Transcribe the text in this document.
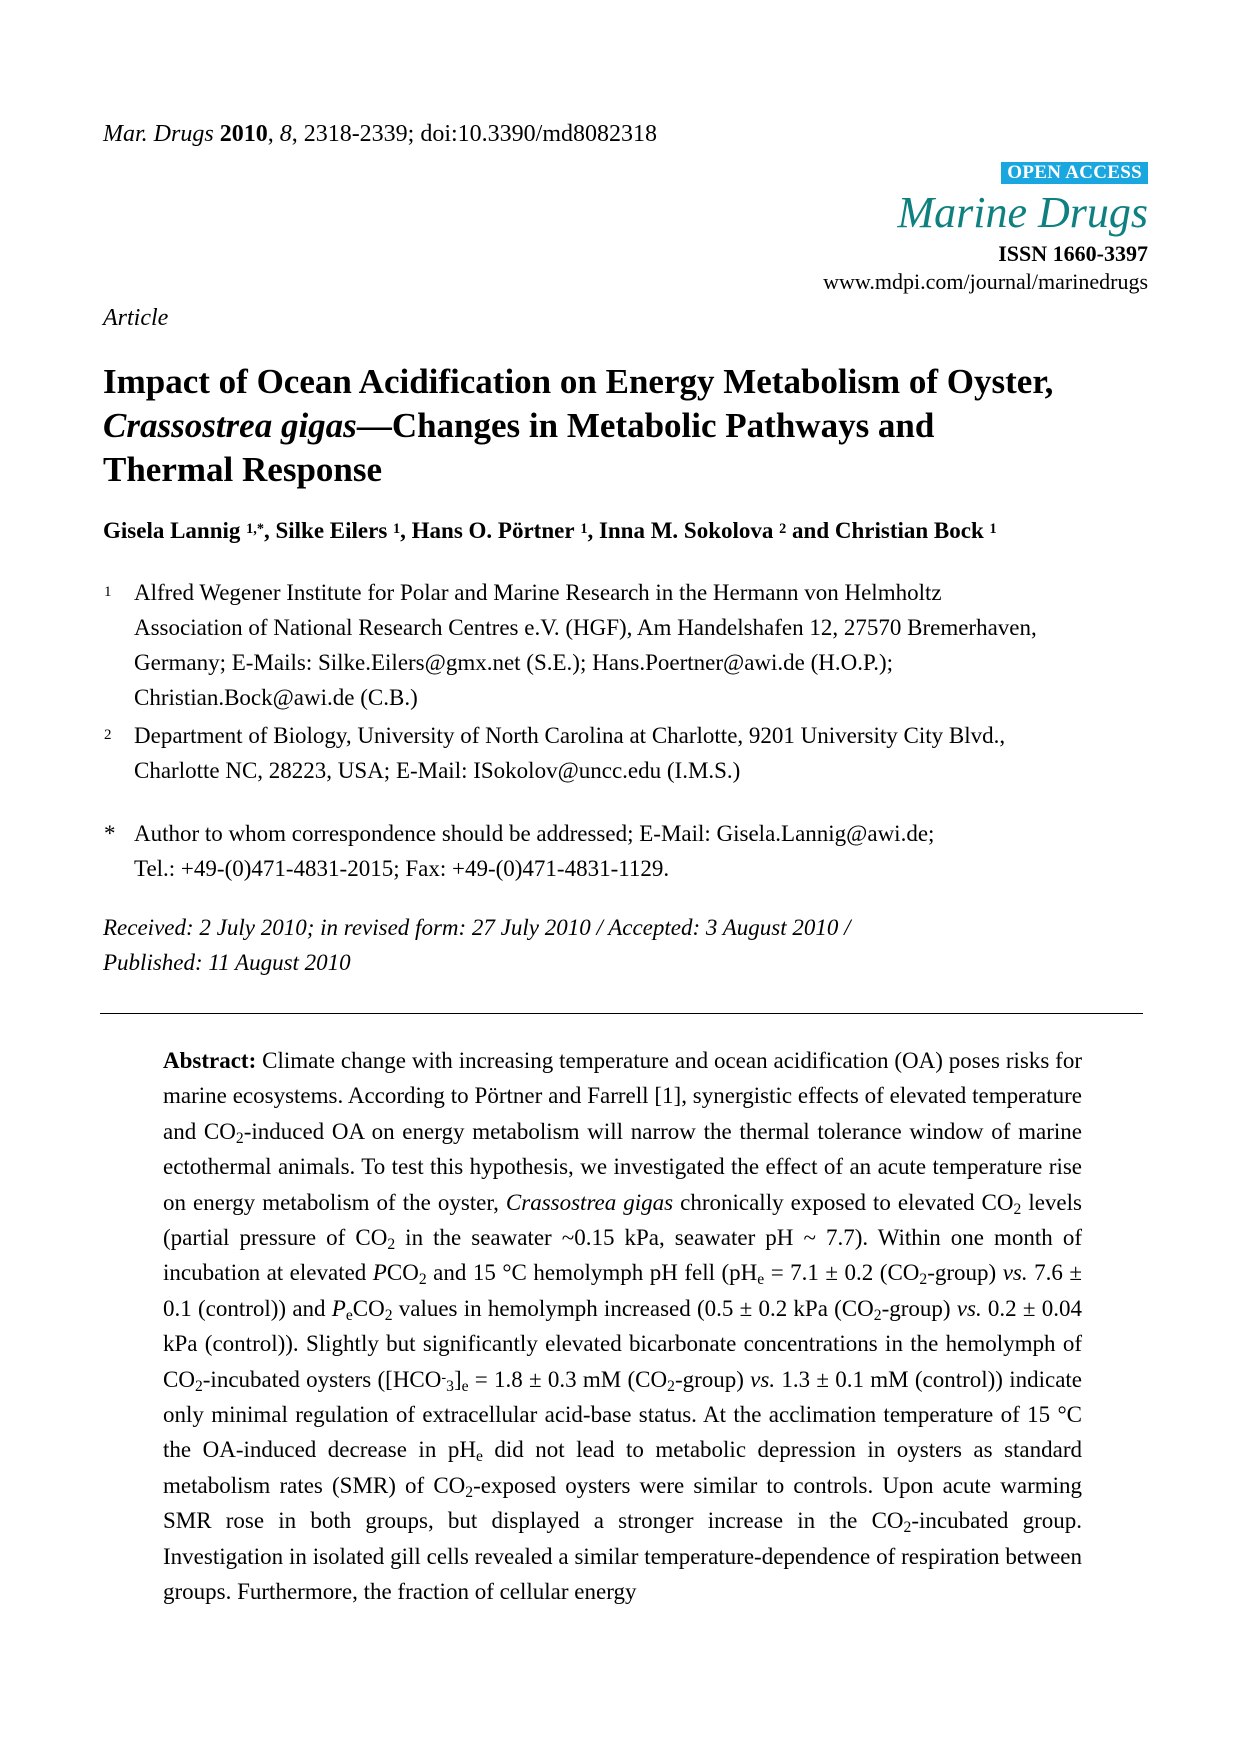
Mar. Drugs 2010, 8, 2318-2339; doi:10.3390/md8082318
OPEN ACCESS
Marine Drugs
ISSN 1660-3397
www.mdpi.com/journal/marinedrugs
Article
Impact of Ocean Acidification on Energy Metabolism of Oyster,
Crassostrea gigas—Changes in Metabolic Pathways and
Thermal Response
Gisela Lannig $^{1,*}$, Silke Eilers $^1$, Hans O. Pörtner $^1$, Inna M. Sokolova $^2$ and Christian Bock $^1$
1 Alfred Wegener Institute for Polar and Marine Research in the Hermann von Helmholtz
Association of National Research Centres e.V. (HGF), Am Handelshafen 12, 27570 Bremerhaven,
Germany; E-Mails: Silke.Eilers@gmx.net (S.E.); Hans.Poertner@awi.de (H.O.P.);
Christian.Bock@awi.de (C.B.)
2 Department of Biology, University of North Carolina at Charlotte, 9201 University City Blvd.,
Charlotte NC, 28223, USA; E-Mail: ISokolov@uncc.edu (I.M.S.)
* Author to whom correspondence should be addressed; E-Mail: Gisela.Lannig@awi.de;
Tel.: +49-(0)471-4831-2015; Fax: +49-(0)471-4831-1129.
Received: 2 July 2010; in revised form: 27 July 2010 / Accepted: 3 August 2010 /
Published: 11 August 2010
Abstract: Climate change with increasing temperature and ocean acidification (OA) poses risks for marine ecosystems. According to Pörtner and Farrell [1], synergistic effects of elevated temperature and $CO_2$-induced OA on energy metabolism will narrow the thermal tolerance window of marine ectothermal animals. To test this hypothesis, we investigated the effect of an acute temperature rise on energy metabolism of the oyster, Crassostrea gigas chronically exposed to elevated $CO_2$ levels (partial pressure of $CO_2$ in the seawater ~0.15 kPa, seawater pH ~ 7.7). Within one month of incubation at elevated $PCO_2$ and 15 °C hemolymph pH fell ($pH_e = 7.1 \pm 0.2$ $(CO_2-group)$ vs. 7.6 ± 0.1 (control)) and $P_eCO_2$ values in hemolymph increased (0.5 ± 0.2 kPa $(CO_2-group)$ vs. 0.2 ± 0.04 kPa (control)). Slightly but significantly elevated bicarbonate concentrations in the hemolymph of $CO_2$-incubated oysters ($[HCO^-_3]_e = 1.8 \pm 0.3$ mM $(CO_2-group)$ vs. 1.3 ± 0.1 mM (control)) indicate only minimal regulation of extracellular acid-base status. At the acclimation temperature of 15 °C the OA-induced decrease in $pH_e$ did not lead to metabolic depression in oysters as standard metabolism rates (SMR) of $CO_2$-exposed oysters were similar to controls. Upon acute warming SMR rose in both groups, but displayed a stronger increase in the $CO_2$-incubated group. Investigation in isolated gill cells revealed a similar temperature-dependence of respiration between groups. Furthermore, the fraction of cellular energy
